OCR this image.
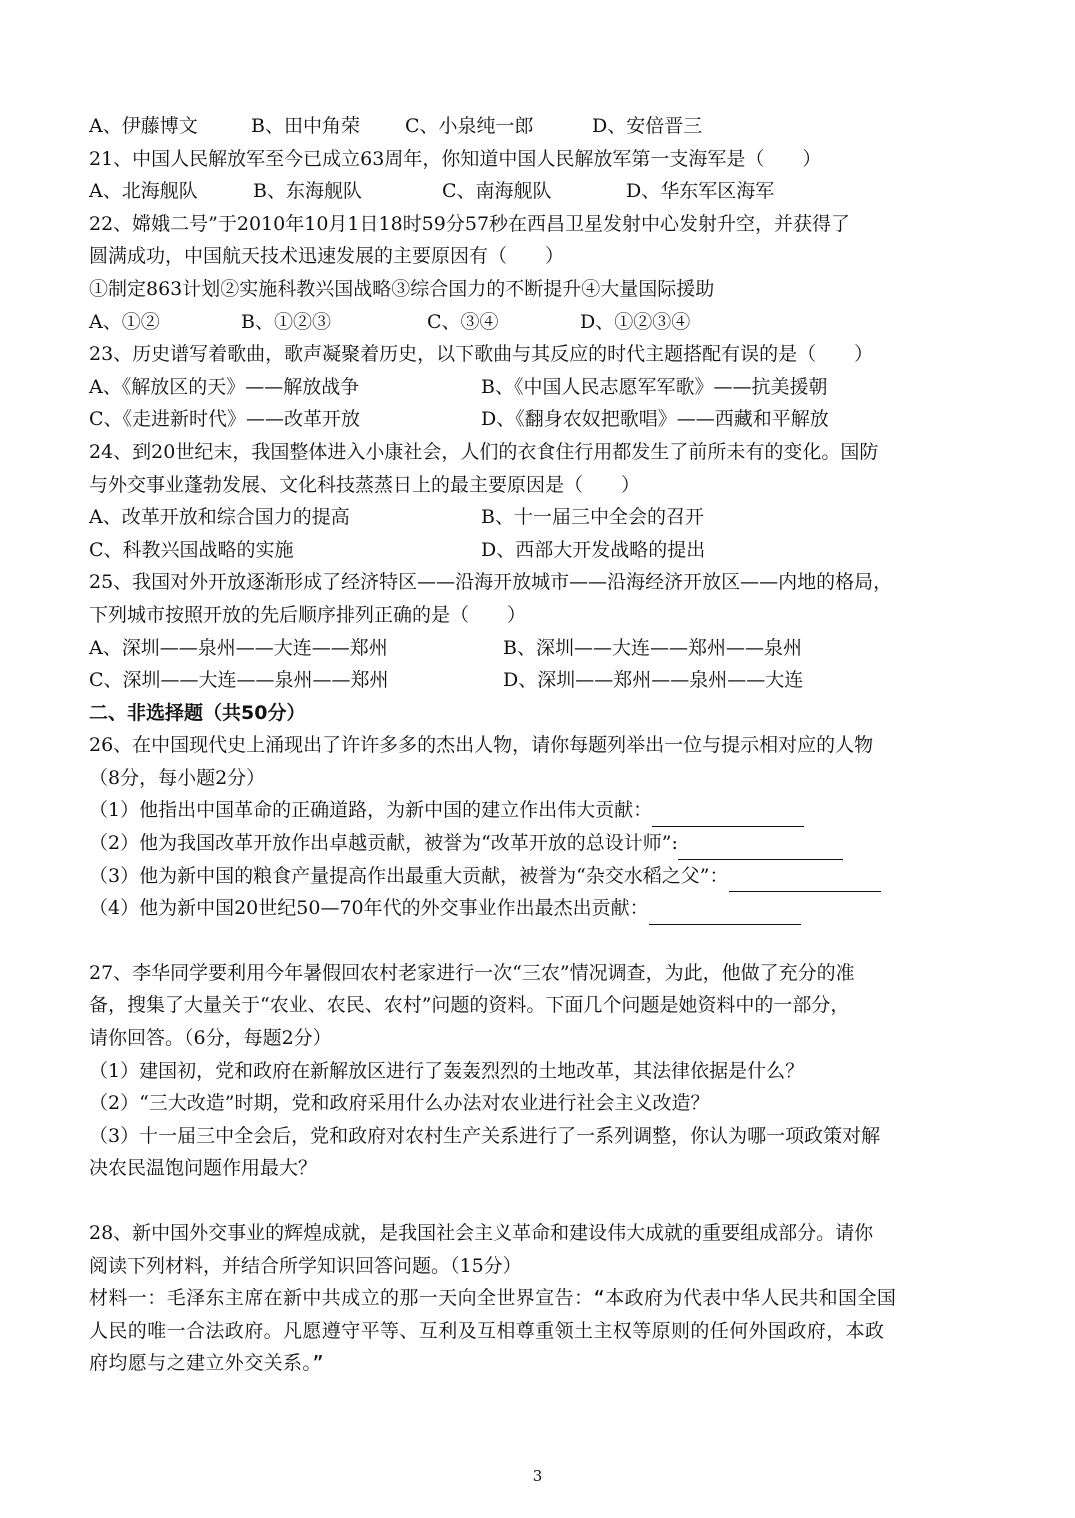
A、伊藤博文	B、田中角荣	C、小泉纯一郎	D、安倍晋三
21、中国人民解放军至今已成立63周年，你知道中国人民解放军第一支海军是（　　）
A、北海舰队	B、东海舰队	C、南海舰队	D、华东军区海军
22、嫦娥二号”于2010年10月1日18时59分57秒在西昌卫星发射中心发射升空，并获得了
圆满成功，中国航天技术迅速发展的主要原因有（　　）
①制定863计划②实施科教兴国战略③综合国力的不断提升④大量国际援助
A、①②	B、①②③	C、③④	D、①②③④
23、历史谱写着歌曲，歌声凝聚着历史，以下歌曲与其反应的时代主题搭配有误的是（　　）
A、《解放区的天》——解放战争	B、《中国人民志愿军军歌》——抗美援朝
C、《走进新时代》——改革开放	D、《翻身农奴把歌唱》——西藏和平解放
24、到20世纪末，我国整体进入小康社会，人们的衣食住行用都发生了前所未有的变化。国防
与外交事业蓬勃发展、文化科技蒸蒸日上的最主要原因是（　　）
A、改革开放和综合国力的提高	B、十一届三中全会的召开
C、科教兴国战略的实施	D、西部大开发战略的提出
25、我国对外开放逐渐形成了经济特区——沿海开放城市——沿海经济开放区——内地的格局，
下列城市按照开放的先后顺序排列正确的是（　　）
A、深圳——泉州——大连——郑州	B、深圳——大连——郑州——泉州
C、深圳——大连——泉州——郑州	D、深圳——郑州——泉州——大连
二、非选择题（共50分）
26、在中国现代史上涌现出了许许多多的杰出人物，请你每题列举出一位与提示相对应的人物
（8分，每小题2分）
（1）他指出中国革命的正确道路，为新中国的建立作出伟大贡献：
（2）他为我国改革开放作出卓越贡献，被誉为“改革开放的总设计师”:
（3）他为新中国的粮食产量提高作出最重大贡献，被誉为“杂交水稻之父”：
（4）他为新中国20世纪50—70年代的外交事业作出最杰出贡献：
27、李华同学要利用今年暑假回农村老家进行一次“三农”情况调查，为此，他做了充分的准
备，搜集了大量关于“农业、农民、农村”问题的资料。下面几个问题是她资料中的一部分，
请你回答。（6分，每题2分）
（1）建国初，党和政府在新解放区进行了轰轰烈烈的土地改革，其法律依据是什么？
（2）“三大改造”时期，党和政府采用什么办法对农业进行社会主义改造？
（3）十一届三中全会后，党和政府对农村生产关系进行了一系列调整，你认为哪一项政策对解
决农民温饱问题作用最大？
28、新中国外交事业的辉煌成就，是我国社会主义革命和建设伟大成就的重要组成部分。请你
阅读下列材料，并结合所学知识回答问题。（15分）
材料一：毛泽东主席在新中共成立的那一天向全世界宣告：“本政府为代表中华人民共和国全国
人民的唯一合法政府。凡愿遵守平等、互利及互相尊重领土主权等原则的任何外国政府，本政
府均愿与之建立外交关系。”
3
